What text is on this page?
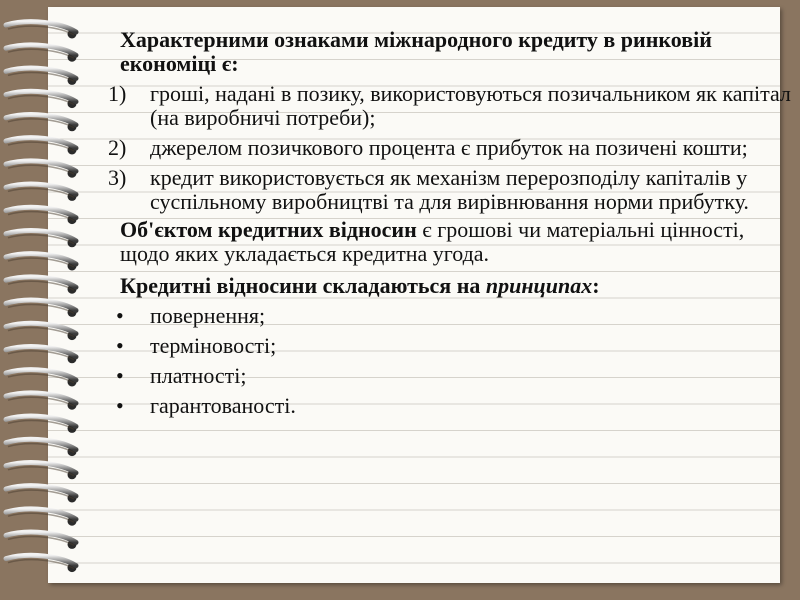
Характерними ознаками міжнародного кредиту в ринковій економіці є:
1) гроші, надані в позику, використовуються позичальником як капітал (на виробничі потреби);
2) джерелом позичкового процента є прибуток на позичені кошти;
3) кредит використовується як механізм перерозподілу капіталів у суспільному виробництві та для вирівнювання норми прибутку.
Об'єктом кредитних відносин є грошові чи матеріальні цінності, щодо яких укладається кредитна угода.
Кредитні відносини складаються на принципах:
• повернення;
• терміновості;
• платності;
• гарантованості.
